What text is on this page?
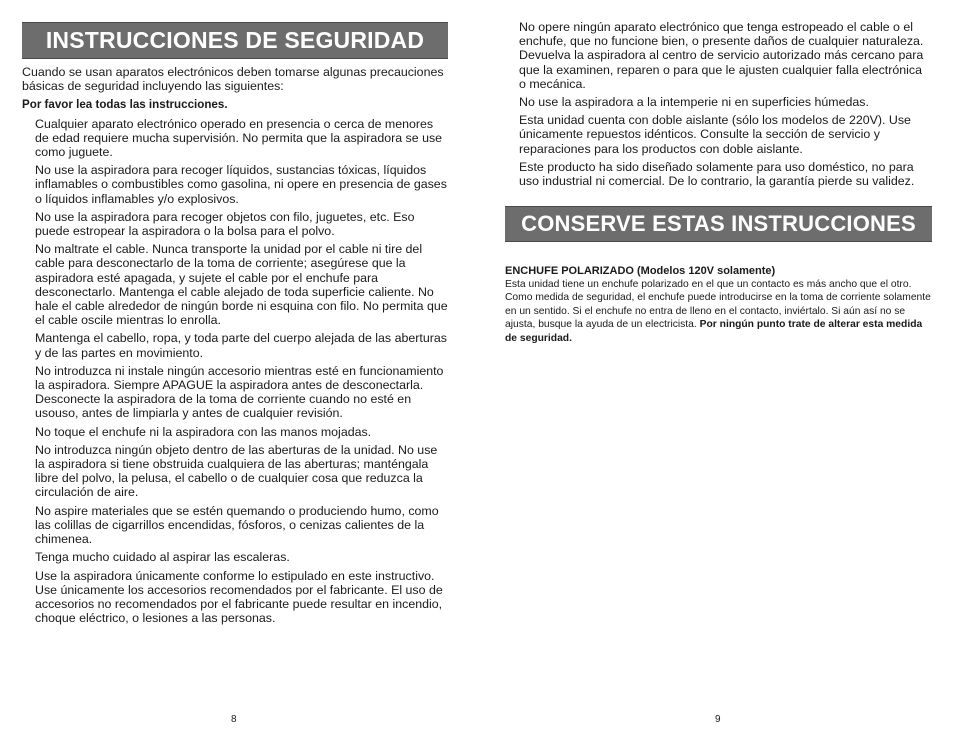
INSTRUCCIONES DE SEGURIDAD

Cuando se usan aparatos electrónicos deben tomarse algunas precauciones básicas de seguridad incluyendo las siguientes:

Por favor lea todas las instrucciones.

Cualquier aparato electrónico operado en presencia o cerca de menores de edad requiere mucha supervisión. No permita que la aspiradora se use como juguete.

No use la aspiradora para recoger líquidos, sustancias tóxicas, líquidos inflamables o combustibles como gasolina, ni opere en presencia de gases o líquidos inflamables y/o explosivos.

No use la aspiradora para recoger objetos con filo, juguetes, etc. Eso puede estropear la aspiradora o la bolsa para el polvo.

No maltrate el cable. Nunca transporte la unidad por el cable ni tire del cable para desconectarlo de la toma de corriente; asegúrese que la aspiradora esté apagada, y sujete el cable por el enchufe para desconectarlo. Mantenga el cable alejado de toda superficie caliente. No hale el cable alrededor de ningún borde ni esquina con filo. No permita que el cable oscile mientras lo enrolla.

Mantenga el cabello, ropa, y toda parte del cuerpo alejada de las aberturas y de las partes en movimiento.

No introduzca ni instale ningún accesorio mientras esté en funcionamiento la aspiradora. Siempre APAGUE la aspiradora antes de desconectarla. Desconecte la aspiradora de la toma de corriente cuando no esté en usouso, antes de limpiarla y antes de cualquier revisión.

No toque el enchufe ni la aspiradora con las manos mojadas.

No introduzca ningún objeto dentro de las aberturas de la unidad. No use la aspiradora si tiene obstruida cualquiera de las aberturas; manténgala libre del polvo, la pelusa, el cabello o de cualquier cosa que reduzca la circulación de aire.

No aspire materiales que se estén quemando o produciendo humo, como las colillas de cigarrillos encendidas, fósforos, o cenizas calientes de la chimenea.

Tenga mucho cuidado al aspirar las escaleras.

Use la aspiradora únicamente conforme lo estipulado en este instructivo. Use únicamente los accesorios recomendados por el fabricante. El uso de accesorios no recomendados por el fabricante puede resultar en incendio, choque eléctrico, o lesiones a las personas.

No opere ningún aparato electrónico que tenga estropeado el cable o el enchufe, que no funcione bien, o presente daños de cualquier naturaleza. Devuelva la aspiradora al centro de servicio autorizado más cercano para que la examinen, reparen o para que le ajusten cualquier falla electrónica o mecánica.

No use la aspiradora a la intemperie ni en superficies húmedas.

Esta unidad cuenta con doble aislante (sólo los modelos de 220V). Use únicamente repuestos idénticos. Consulte la sección de servicio y reparaciones para los productos con doble aislante.

Este producto ha sido diseñado solamente para uso doméstico, no para uso industrial ni comercial. De lo contrario, la garantía pierde su validez.

CONSERVE ESTAS INSTRUCCIONES

ENCHUFE POLARIZADO (Modelos 120V solamente)

Esta unidad tiene un enchufe polarizado en el que un contacto es más ancho que el otro. Como medida de seguridad, el enchufe puede introducirse en la toma de corriente solamente en un sentido. Si el enchufe no entra de lleno en el contacto, inviértalo. Si aún así no se ajusta, busque la ayuda de un electricista. Por ningún punto trate de alterar esta medida de seguridad.

8	9
